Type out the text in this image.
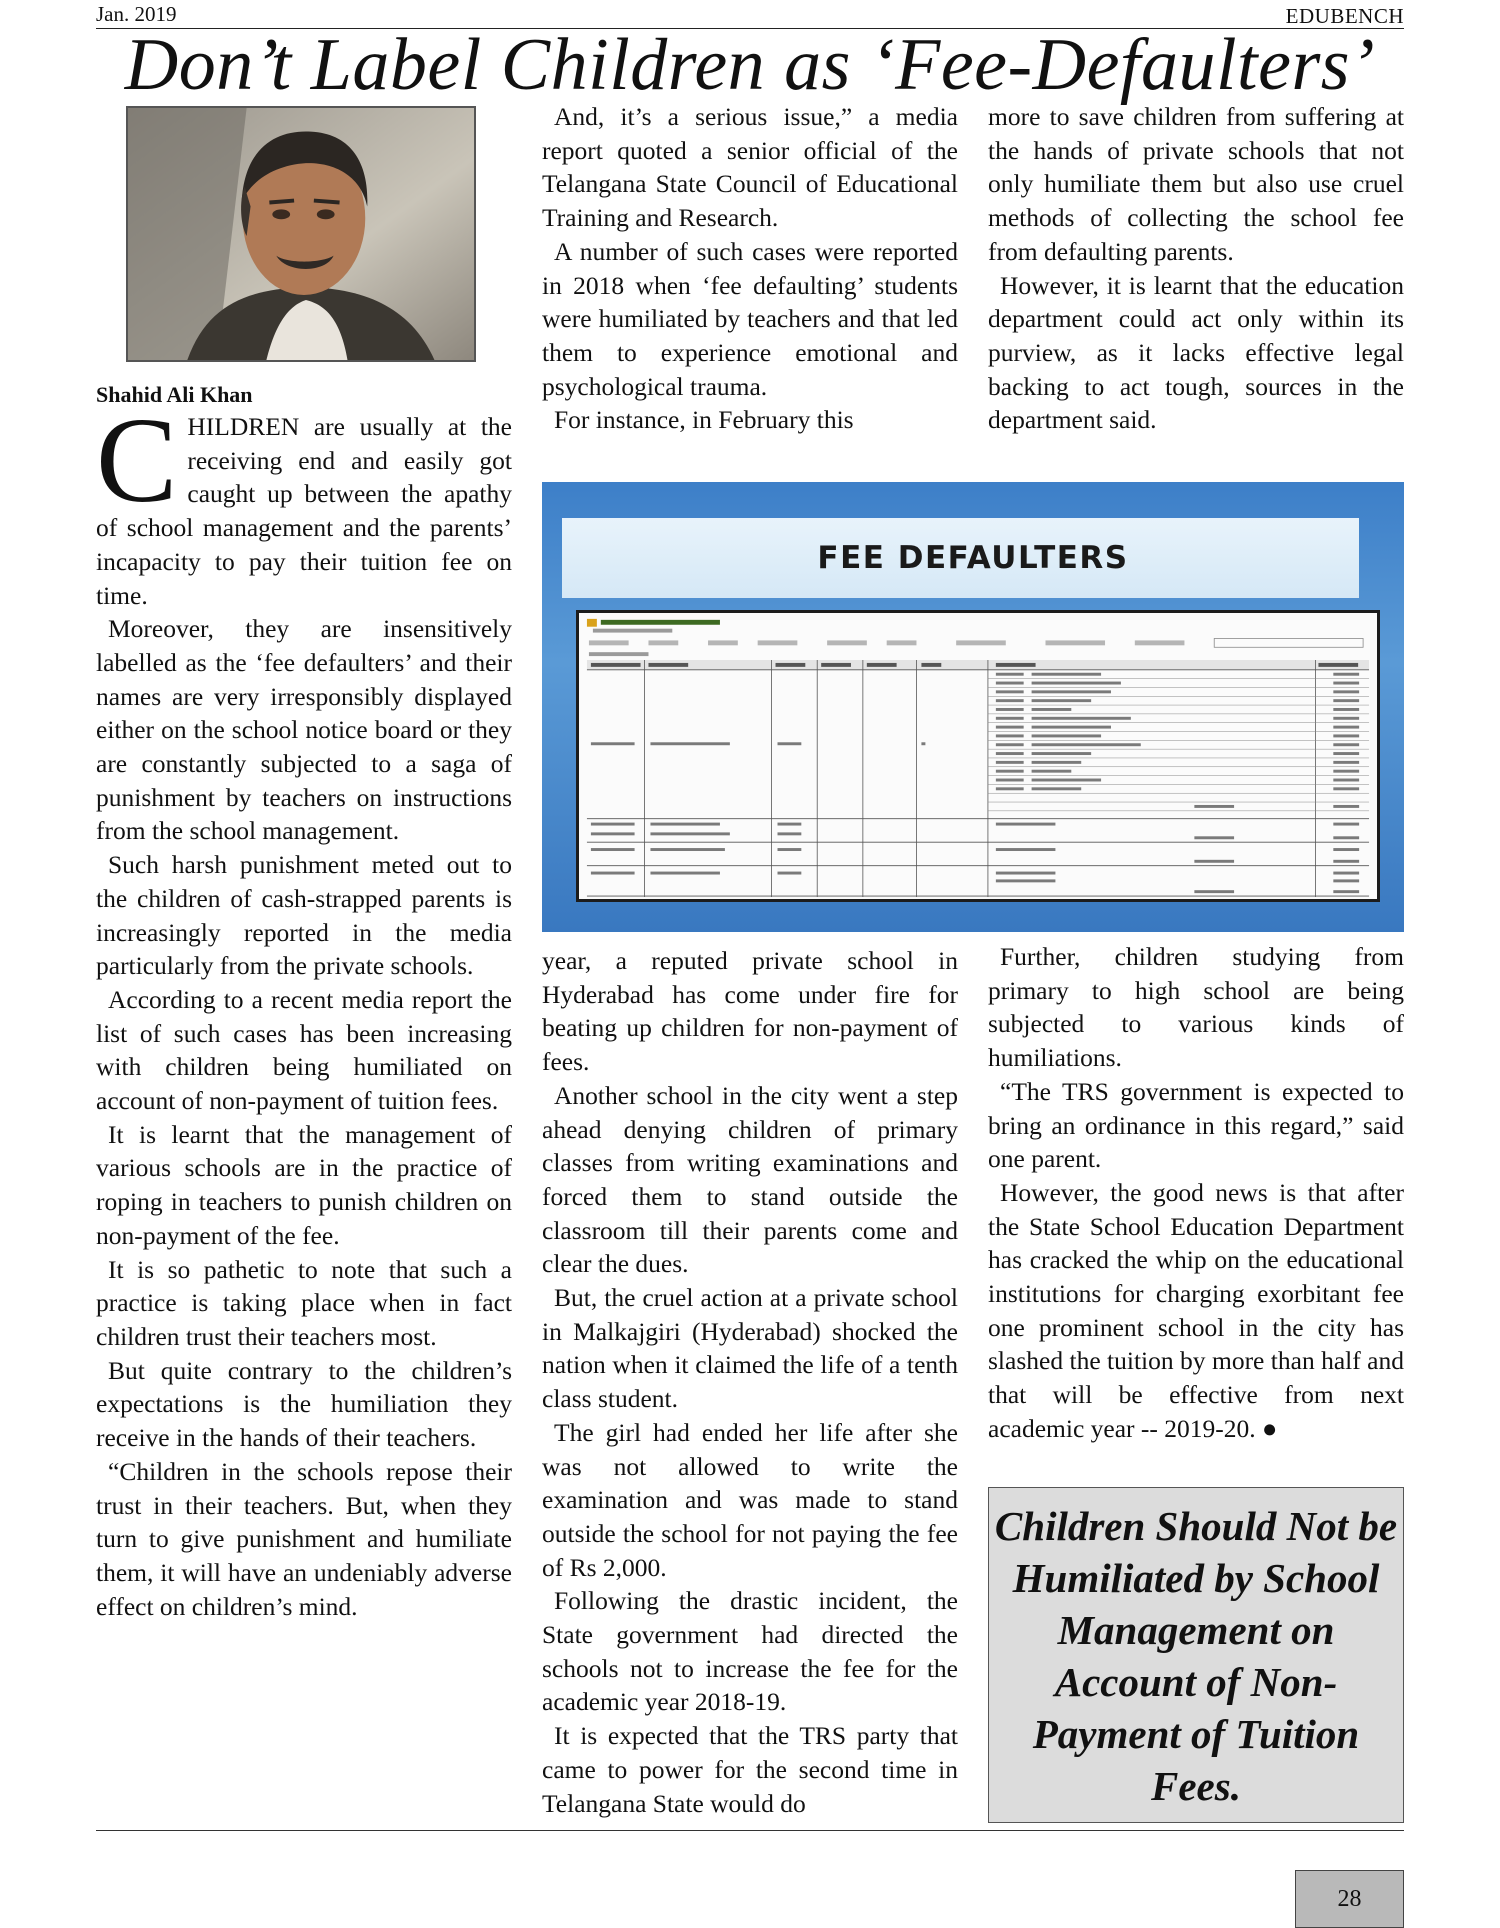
Jan. 2019	EDUBENCH
Don’t Label Children as ‘Fee-Defaulters’
Shahid Ali Khan

CHILDREN are usually at the receiving end and easily got caught up between the apathy of school management and the parents’ incapacity to pay their tuition fee on time.

Moreover, they are insensitively labelled as the ‘fee defaulters’ and their names are very irresponsibly displayed either on the school notice board or they are constantly subjected to a saga of punishment by teachers on instructions from the school management.

Such harsh punishment meted out to the children of cash-strapped parents is increasingly reported in the media particularly from the private schools.

According to a recent media report the list of such cases has been increasing with children being humiliated on account of non-payment of tuition fees.

It is learnt that the management of various schools are in the practice of roping in teachers to punish children on non-payment of the fee.

It is so pathetic to note that such a practice is taking place when in fact children trust their teachers most.

But quite contrary to the children’s expectations is the humiliation they receive in the hands of their teachers.

“Children in the schools repose their trust in their teachers. But, when they turn to give punishment and humiliate them, it will have an undeniably adverse effect on children’s mind.

And, it’s a serious issue,” a media report quoted a senior official of the Telangana State Council of Educational Training and Research.

A number of such cases were reported in 2018 when ‘fee defaulting’ students were humiliated by teachers and that led them to experience emotional and psychological trauma.

For instance, in February this

more to save children from suffering at the hands of private schools that not only humiliate them but also use cruel methods of collecting the school fee from defaulting parents.

However, it is learnt that the education department could act only within its purview, as it lacks effective legal backing to act tough, sources in the department said.

FEE DEFAULTERS

year, a reputed private school in Hyderabad has come under fire for beating up children for non-payment of fees.

Another school in the city went a step ahead denying children of primary classes from writing examinations and forced them to stand outside the classroom till their parents come and clear the dues.

But, the cruel action at a private school in Malkajgiri (Hyderabad) shocked the nation when it claimed the life of a tenth class student.

The girl had ended her life after she was not allowed to write the examination and was made to stand outside the school for not paying the fee of Rs 2,000.

Following the drastic incident, the State government had directed the schools not to increase the fee for the academic year 2018-19.

It is expected that the TRS party that came to power for the second time in Telangana State would do

Further, children studying from primary to high school are being subjected to various kinds of humiliations.

“The TRS government is expected to bring an ordinance in this regard,” said one parent.

However, the good news is that after the State School Education Department has cracked the whip on the educational institutions for charging exorbitant fee one prominent school in the city has slashed the tuition by more than half and that will be effective from next academic year -- 2019-20. ●

Children Should Not be Humiliated by School Management on Account of Non-Payment of Tuition Fees.

28
